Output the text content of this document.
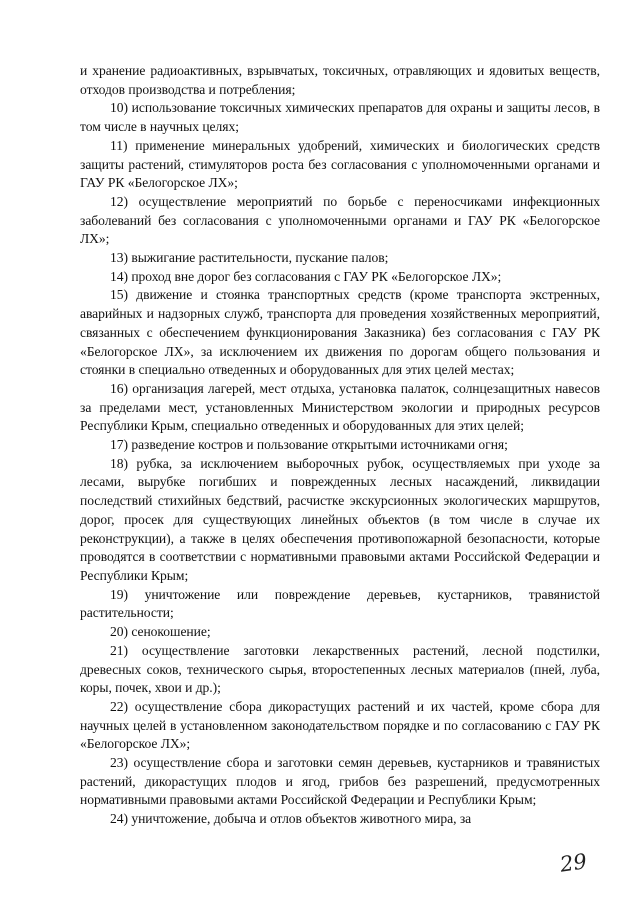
и хранение радиоактивных, взрывчатых, токсичных, отравляющих и ядовитых веществ, отходов производства и потребления;

10) использование токсичных химических препаратов для охраны и защиты лесов, в том числе в научных целях;

11) применение минеральных удобрений, химических и биологических средств защиты растений, стимуляторов роста без согласования с уполномоченными органами и ГАУ РК «Белогорское ЛХ»;

12) осуществление мероприятий по борьбе с переносчиками инфекционных заболеваний без согласования с уполномоченными органами и ГАУ РК «Белогорское ЛХ»;

13) выжигание растительности, пускание палов;

14) проход вне дорог без согласования с ГАУ РК «Белогорское ЛХ»;

15) движение и стоянка транспортных средств (кроме транспорта экстренных, аварийных и надзорных служб, транспорта для проведения хозяйственных мероприятий, связанных с обеспечением функционирования Заказника) без согласования с ГАУ РК «Белогорское ЛХ», за исключением их движения по дорогам общего пользования и стоянки в специально отведенных и оборудованных для этих целей местах;

16) организация лагерей, мест отдыха, установка палаток, солнцезащитных навесов за пределами мест, установленных Министерством экологии и природных ресурсов Республики Крым, специально отведенных и оборудованных для этих целей;

17) разведение костров и пользование открытыми источниками огня;

18) рубка, за исключением выборочных рубок, осуществляемых при уходе за лесами, вырубке погибших и поврежденных лесных насаждений, ликвидации последствий стихийных бедствий, расчистке экскурсионных экологических маршрутов, дорог, просек для существующих линейных объектов (в том числе в случае их реконструкции), а также в целях обеспечения противопожарной безопасности, которые проводятся в соответствии с нормативными правовыми актами Российской Федерации и Республики Крым;

19) уничтожение или повреждение деревьев, кустарников, травянистой растительности;

20) сенокошение;

21) осуществление заготовки лекарственных растений, лесной подстилки, древесных соков, технического сырья, второстепенных лесных материалов (пней, луба, коры, почек, хвои и др.);

22) осуществление сбора дикорастущих растений и их частей, кроме сбора для научных целей в установленном законодательством порядке и по согласованию с ГАУ РК «Белогорское ЛХ»;

23) осуществление сбора и заготовки семян деревьев, кустарников и травянистых растений, дикорастущих плодов и ягод, грибов без разрешений, предусмотренных нормативными правовыми актами Российской Федерации и Республики Крым;

24) уничтожение, добыча и отлов объектов животного мира, за

29
